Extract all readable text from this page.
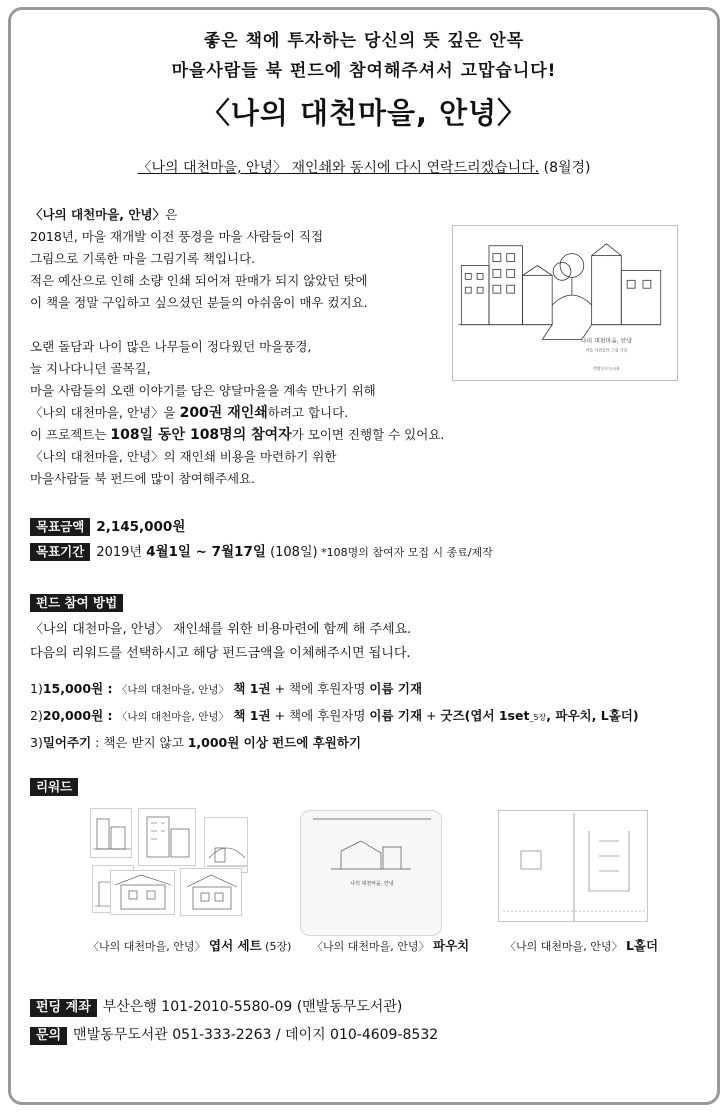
좋은 책에 투자하는 당신의 뜻 깊은 안목
마을사람들 북 펀드에 참여해주셔서 고맙습니다!
〈나의 대천마을, 안녕〉
〈나의 대천마을, 안녕〉 재인쇄와 동시에 다시 연락드리겠습니다. (8월경)

〈나의 대천마을, 안녕〉은

2018년, 마을 재개발 이전 풍경을 마을 사람들이 직접

그림으로 기록한 마을 그림기록 책입니다.

적은 예산으로 인해 소량 인쇄 되어져 판매가 되지 않았던 탓에

이 책을 정말 구입하고 싶으셨던 분들의 아쉬움이 매우 컸지요.

오랜 돌담과 나이 많은 나무들이 정다웠던 마을풍경,

늘 지나다니던 골목길,

마을 사람들의 오랜 이야기를 담은 양달마을을 계속 만나기 위해

〈나의 대천마을, 안녕〉을 200권 재인쇄하려고 합니다.

이 프로젝트는 108일 동안 108명의 참여자가 모이면 진행할 수 있어요.

〈나의 대천마을, 안녕〉의 재인쇄 비용을 마련하기 위한

마을사람들 북 펀드에 많이 참여해주세요.

나의 대천마을, 안녕
마을 사람들의 그림 기록
맨발동무도서관
목표금액 2,145,000원
목표기간 2019년 4월1일 ~ 7월17일 (108일) *108명의 참여자 모집 시 종료/제작
펀드 참여 방법
〈나의 대천마을, 안녕〉 재인쇄를 위한 비용마련에 함께 해 주세요.
다음의 리워드를 선택하시고 해당 펀드금액을 이체해주시면 됩니다.
1)15,000원 : 〈나의 대천마을, 안녕〉 책 1권 + 책에 후원자명 이름 기재
2)20,000원 : 〈나의 대천마을, 안녕〉 책 1권 + 책에 후원자명 이름 기재 + 굿즈(엽서 1set_5장, 파우치, L홀더)
3)밀어주기 : 책은 받지 않고 1,000원 이상 펀드에 후원하기
리워드
나의 대천마을, 안녕
〈나의 대천마을, 안녕〉 엽서 세트 (5장) 〈나의 대천마을, 안녕〉 파우치	〈나의 대천마을, 안녕〉 L홀더
펀딩 계좌 부산은행 101-2010-5580-09 (맨발동무도서관)
문의 맨발동무도서관 051-333-2263 / 데이지 010-4609-8532
